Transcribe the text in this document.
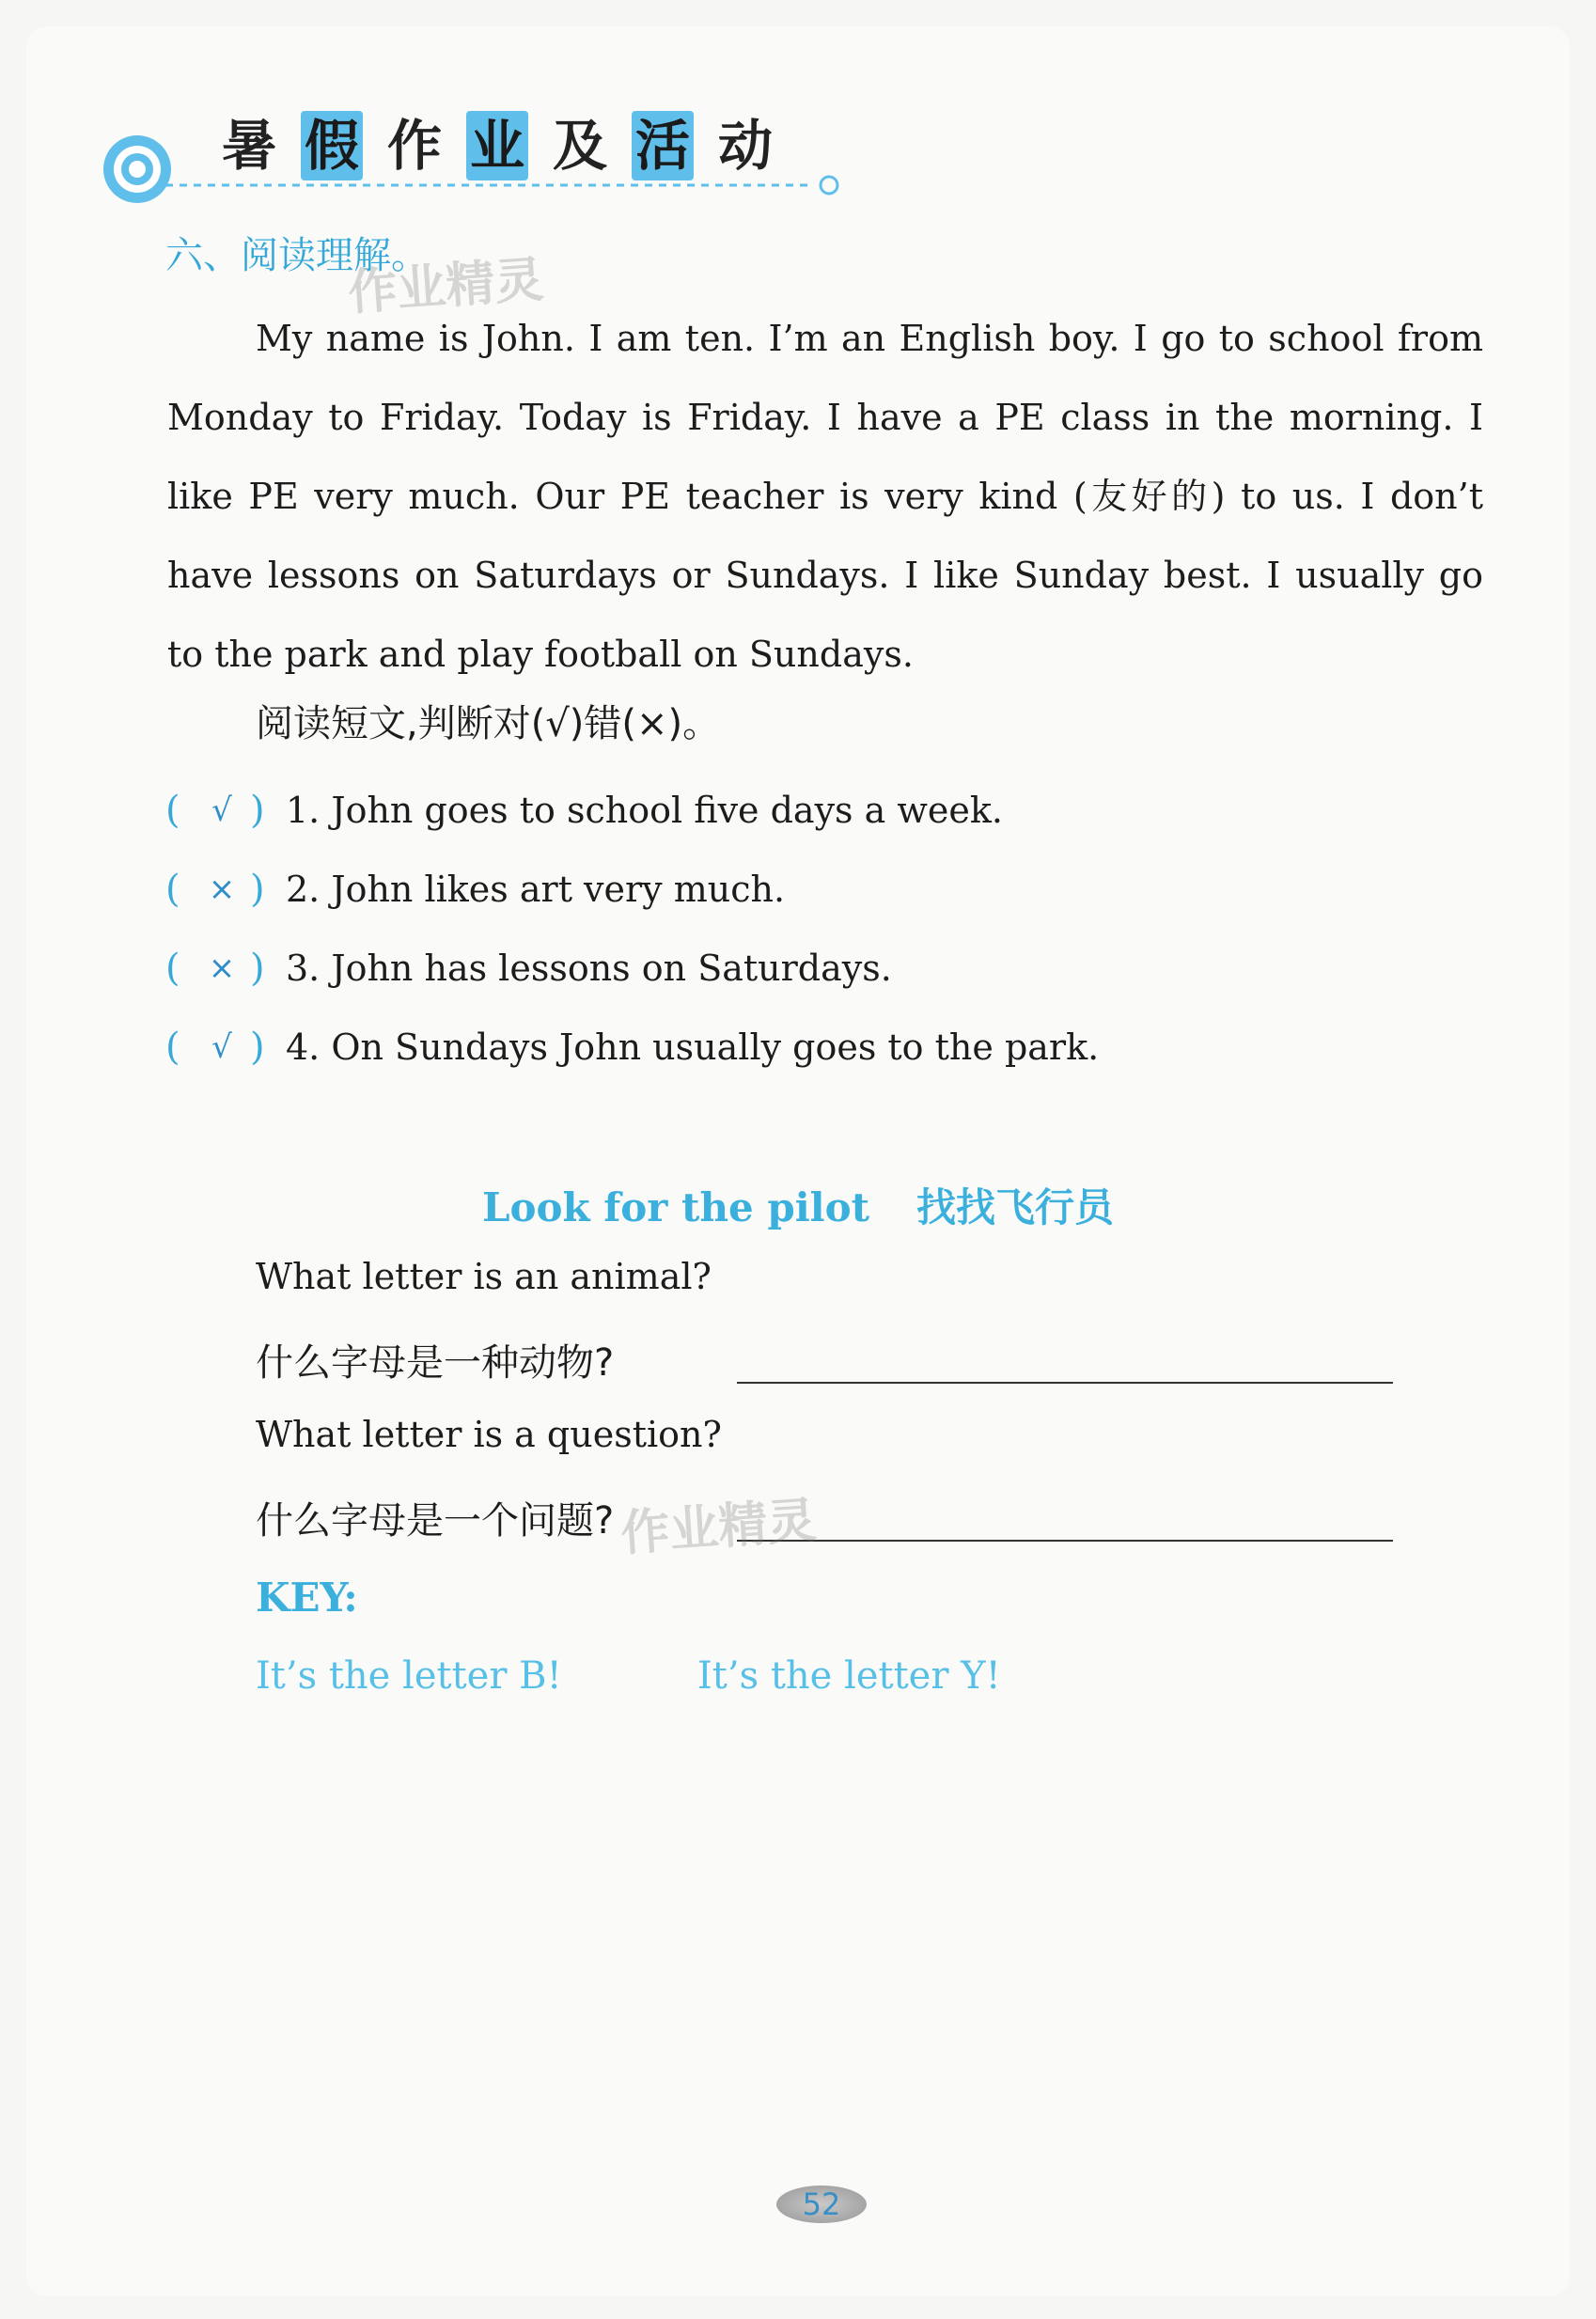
暑 假 作 业 及 活 动
六、阅读理解。
作业精灵

My name is John. I am ten. I’m an English boy. I go to school from Monday to Friday. Today is Friday. I have a PE class in the morning. I like PE very much. Our PE teacher is very kind (友好的) to us. I don’t have lessons on Saturdays or Sundays. I like Sunday best. I usually go to the park and play football on Sundays.

阅读短文,判断对(√)错(×)。
( √ ) 1. John goes to school five days a week.
( × ) 2. John likes art very much.
( × ) 3. John has lessons on Saturdays.
( √ ) 4. On Sundays John usually goes to the park.
Look for the pilot 找找飞行员
What letter is an animal?
什么字母是一种动物?
What letter is a question?
什么字母是一个问题? 作业精灵
KEY:
It’s the letter B!	It’s the letter Y!
52
